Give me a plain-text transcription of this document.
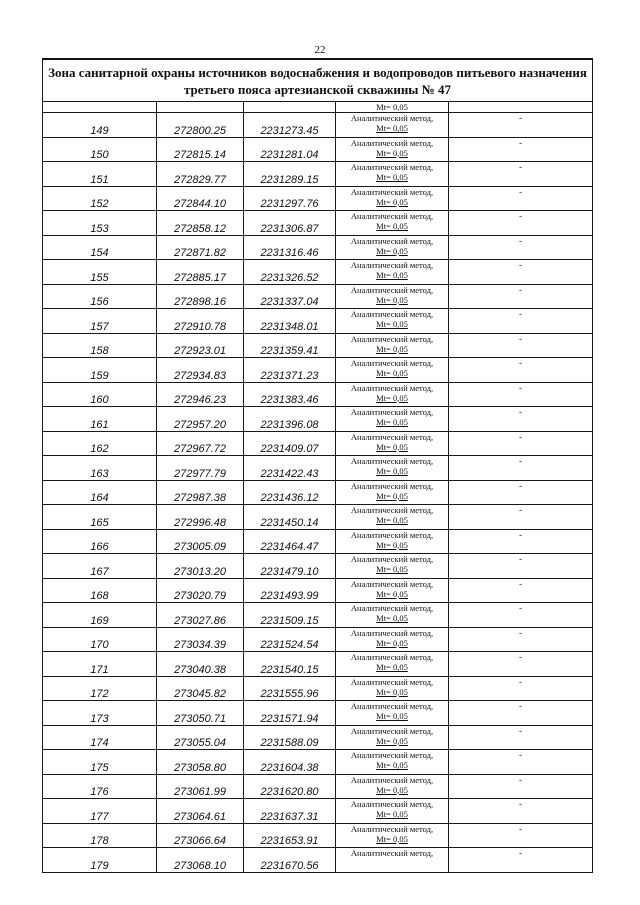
22
Зона санитарной охраны источников водоснабжения и водопроводов питьевого назначения
третьего пояса артезианской скважины № 47				

			Mt= 0,05	

149	272800.25	2231273.45	Аналитический метод,
Mt= 0,05	-
150	272815.14	2231281.04	Аналитический метод,
Mt= 0,05	-
151	272829.77	2231289.15	Аналитический метод,
Mt= 0,05	-
152	272844.10	2231297.76	Аналитический метод,
Mt= 0,05	-
153	272858.12	2231306.87	Аналитический метод,
Mt= 0,05	-
154	272871.82	2231316.46	Аналитический метод,
Mt= 0,05	-
155	272885.17	2231326.52	Аналитический метод,
Mt= 0,05	-
156	272898.16	2231337.04	Аналитический метод,
Mt= 0,05	-
157	272910.78	2231348.01	Аналитический метод,
Mt= 0,05	-
158	272923.01	2231359.41	Аналитический метод,
Mt= 0,05	-
159	272934.83	2231371.23	Аналитический метод,
Mt= 0,05	-
160	272946.23	2231383.46	Аналитический метод,
Mt= 0,05	-
161	272957.20	2231396.08	Аналитический метод,
Mt= 0,05	-
162	272967.72	2231409.07	Аналитический метод,
Mt= 0,05	-
163	272977.79	2231422.43	Аналитический метод,
Mt= 0,05	-
164	272987.38	2231436.12	Аналитический метод,
Mt= 0,05	-
165	272996.48	2231450.14	Аналитический метод,
Mt= 0,05	-
166	273005.09	2231464.47	Аналитический метод,
Mt= 0,05	-
167	273013.20	2231479.10	Аналитический метод,
Mt= 0,05	-
168	273020.79	2231493.99	Аналитический метод,
Mt= 0,05	-
169	273027.86	2231509.15	Аналитический метод,
Mt= 0,05	-
170	273034.39	2231524.54	Аналитический метод,
Mt= 0,05	-
171	273040.38	2231540.15	Аналитический метод,
Mt= 0,05	-
172	273045.82	2231555.96	Аналитический метод,
Mt= 0,05	-
173	273050.71	2231571.94	Аналитический метод,
Mt= 0,05	-
174	273055.04	2231588.09	Аналитический метод,
Mt= 0,05	-
175	273058.80	2231604.38	Аналитический метод,
Mt= 0,05	-
176	273061.99	2231620.80	Аналитический метод,
Mt= 0,05	-
177	273064.61	2231637.31	Аналитический метод,
Mt= 0,05	-
178	273066.64	2231653.91	Аналитический метод,
Mt= 0,05	-
179	273068.10	2231670.56	Аналитический метод,	-
